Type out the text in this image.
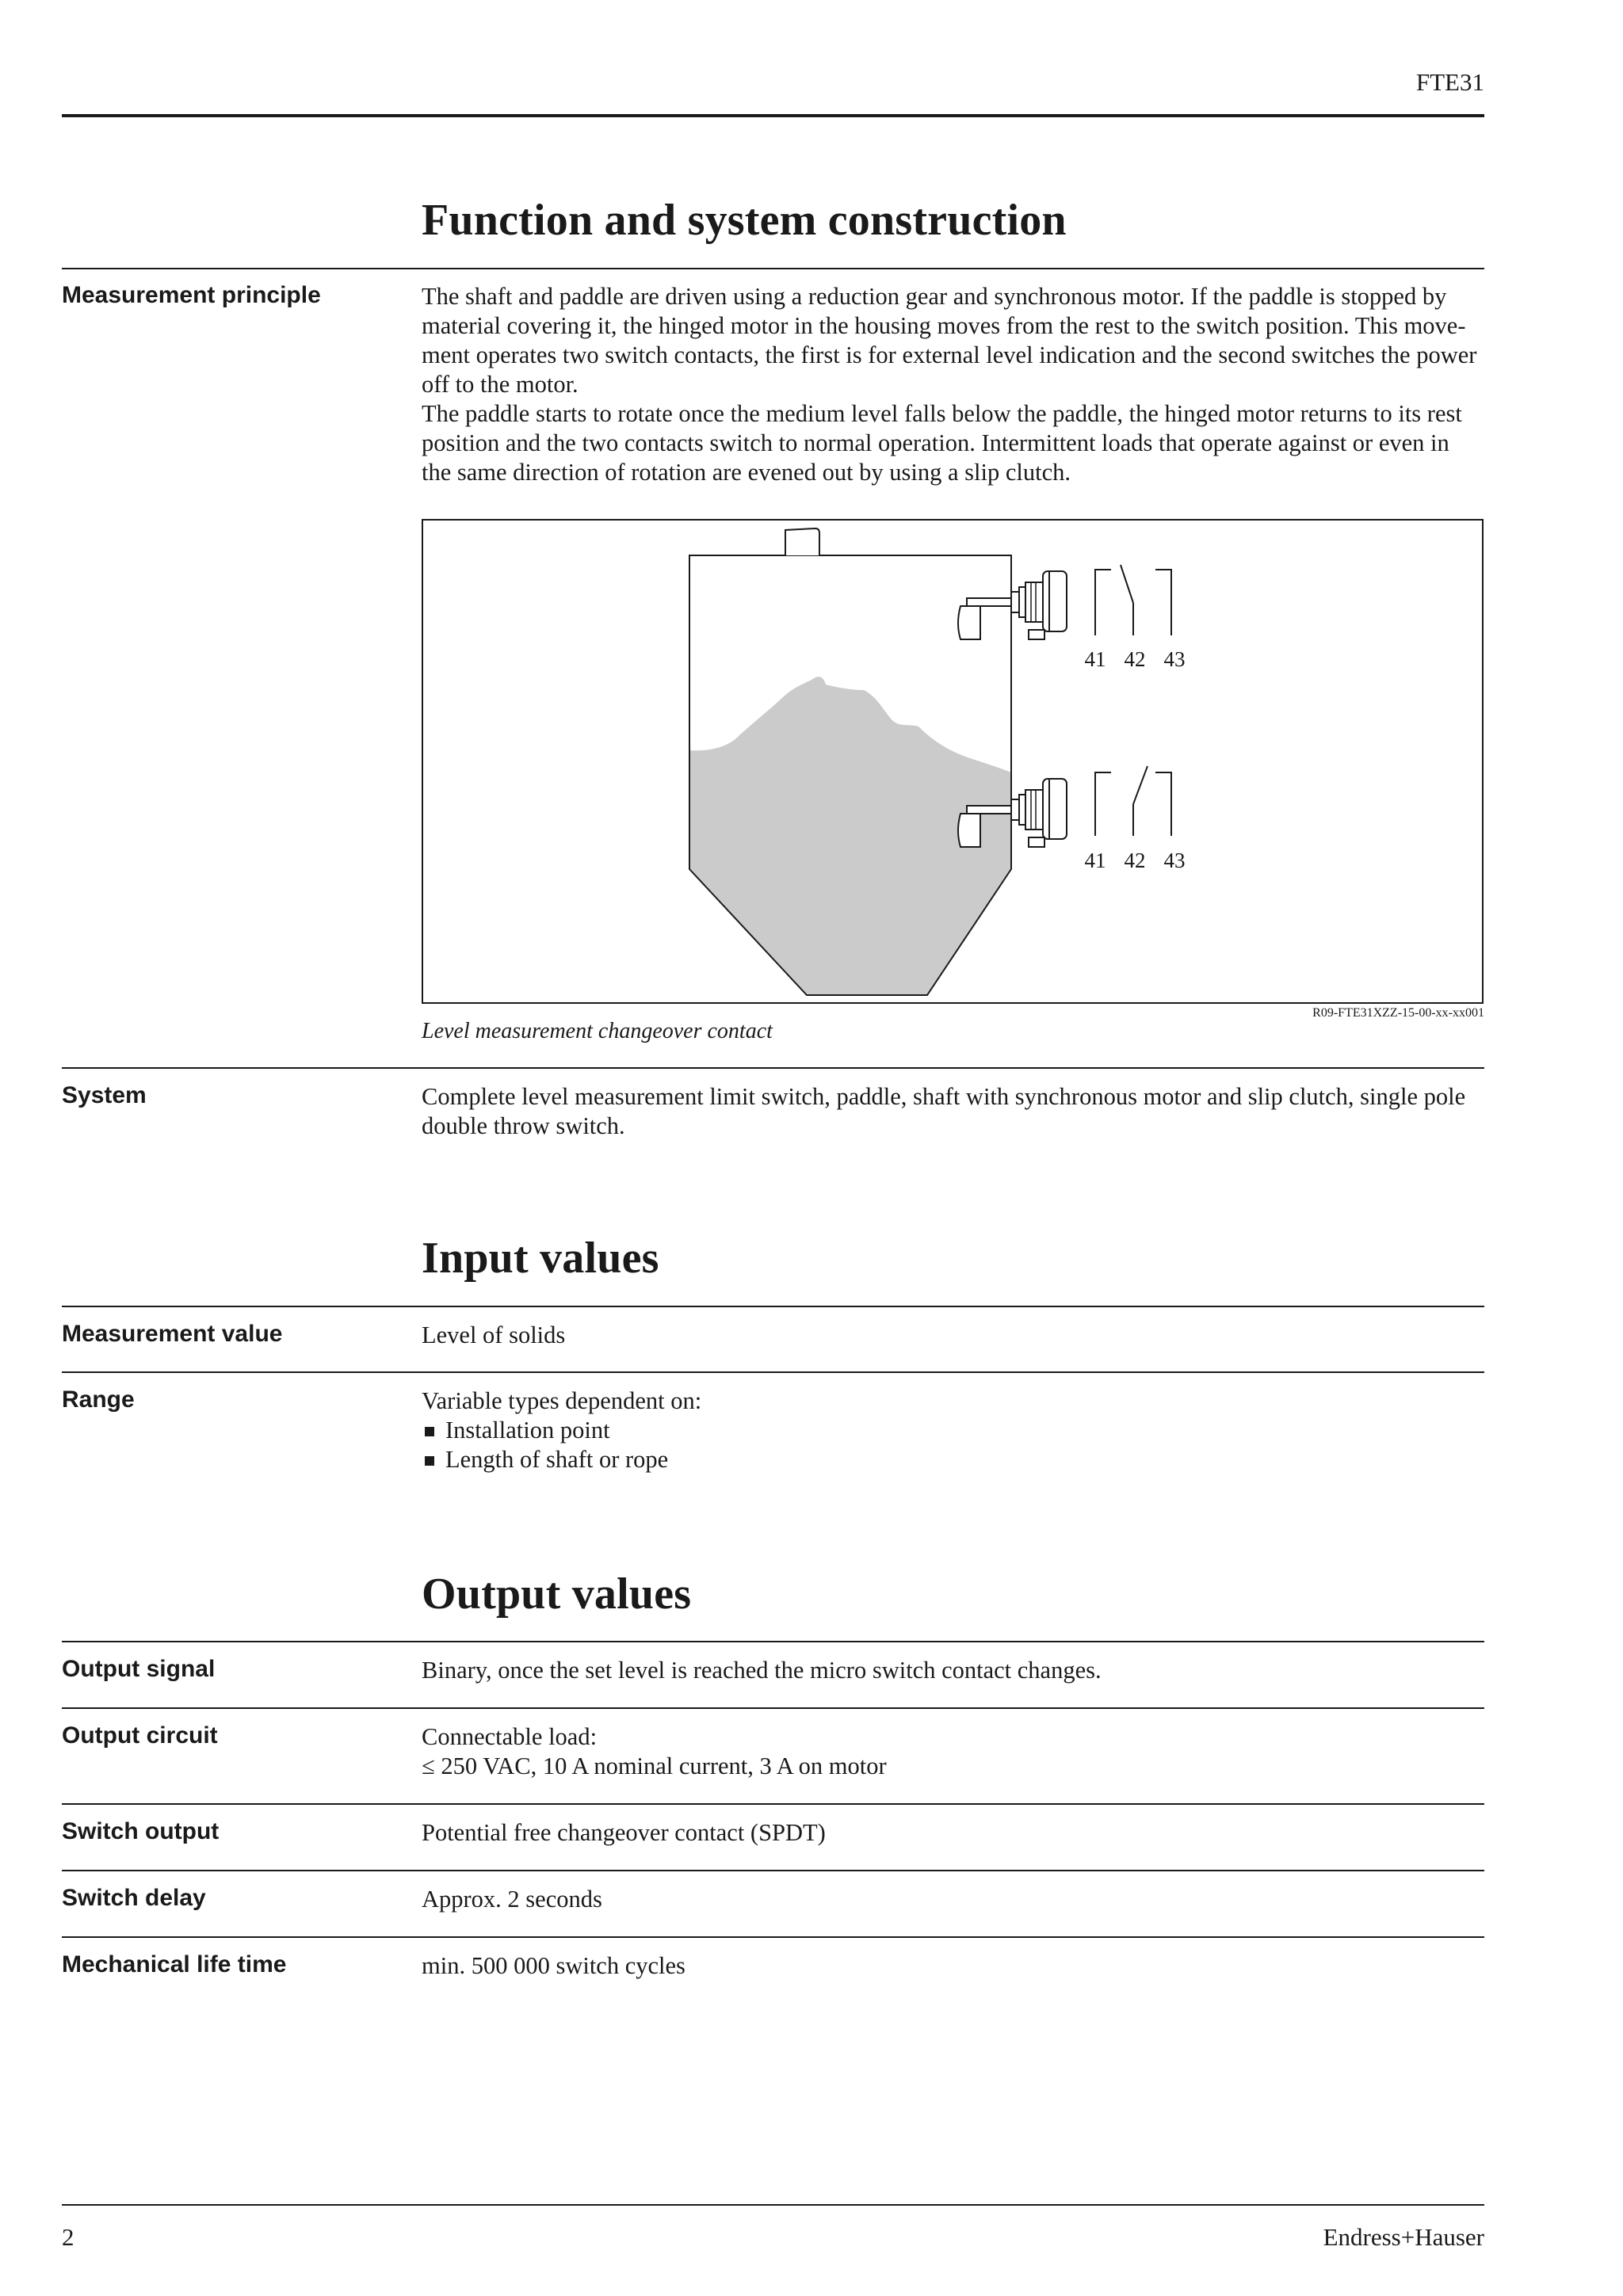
FTE31
Function and system construction
Measurement principle	The shaft and paddle are driven using a reduction gear and synchronous motor. If the paddle is stopped by material covering it, the hinged motor in the housing moves from the rest to the switch position. This move-ment operates two switch contacts, the first is for external level indication and the second switches the power off to the motor.

The paddle starts to rotate once the medium level falls below the paddle, the hinged motor returns to its rest position and the two contacts switch to normal operation. Intermittent loads that operate against or even in the same direction of rotation are evened out by using a slip clutch.

41 42 43
41 42 43
R09-FTE31XZZ-15-00-xx-xx001
Level measurement changeover contact
System	Complete level measurement limit switch, paddle, shaft with synchronous motor and slip clutch, single pole double throw switch.
Input values
Measurement value	Level of solids
Range	Variable types dependent on:

Installation point
Length of shaft or rope
Output values
Output signal	Binary, once the set level is reached the micro switch contact changes.
Output circuit	Connectable load:

≤ 250 VAC, 10 A nominal current, 3 A on motor

Switch output	Potential free changeover contact (SPDT)
Switch delay	Approx. 2 seconds
Mechanical life time	min. 500 000 switch cycles
2	Endress+Hauser
